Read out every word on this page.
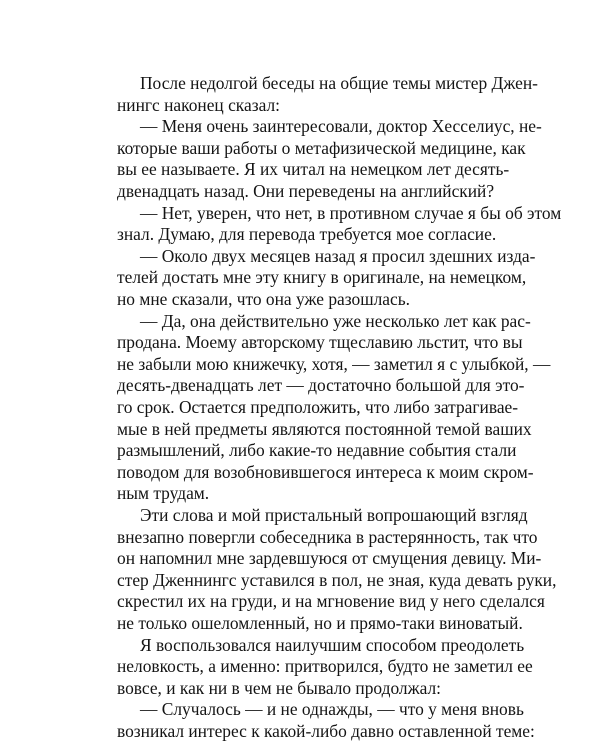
После недолгой беседы на общие темы мистер Джен-
нингс наконец сказал:
— Меня очень заинтересовали, доктор Хесселиус, не-
которые ваши работы о метафизической медицине, как
вы ее называете. Я их читал на немецком лет десять-
двенадцать назад. Они переведены на английский?
— Нет, уверен, что нет, в противном случае я бы об этом
знал. Думаю, для перевода требуется мое согласие.
— Около двух месяцев назад я просил здешних изда-
телей достать мне эту книгу в оригинале, на немецком,
но мне сказали, что она уже разошлась.
— Да, она действительно уже несколько лет как рас-
продана. Моему авторскому тщеславию льстит, что вы
не забыли мою книжечку, хотя, — заметил я с улыбкой, —
десять-двенадцать лет — достаточно большой для это-
го срок. Остается предположить, что либо затрагивае-
мые в ней предметы являются постоянной темой ваших
размышлений, либо какие-то недавние события стали
поводом для возобновившегося интереса к моим скром-
ным трудам.
Эти слова и мой пристальный вопрошающий взгляд
внезапно повергли собеседника в растерянность, так что
он напомнил мне зардевшуюся от смущения девицу. Ми-
стер Дженнингс уставился в пол, не зная, куда девать руки,
скрестил их на груди, и на мгновение вид у него сделался
не только ошеломленный, но и прямо-таки виноватый.
Я воспользовался наилучшим способом преодолеть
неловкость, а именно: притворился, будто не заметил ее
вовсе, и как ни в чем не бывало продолжал:
— Случалось — и не однажды, — что у меня вновь
возникал интерес к какой-либо давно оставленной теме:
